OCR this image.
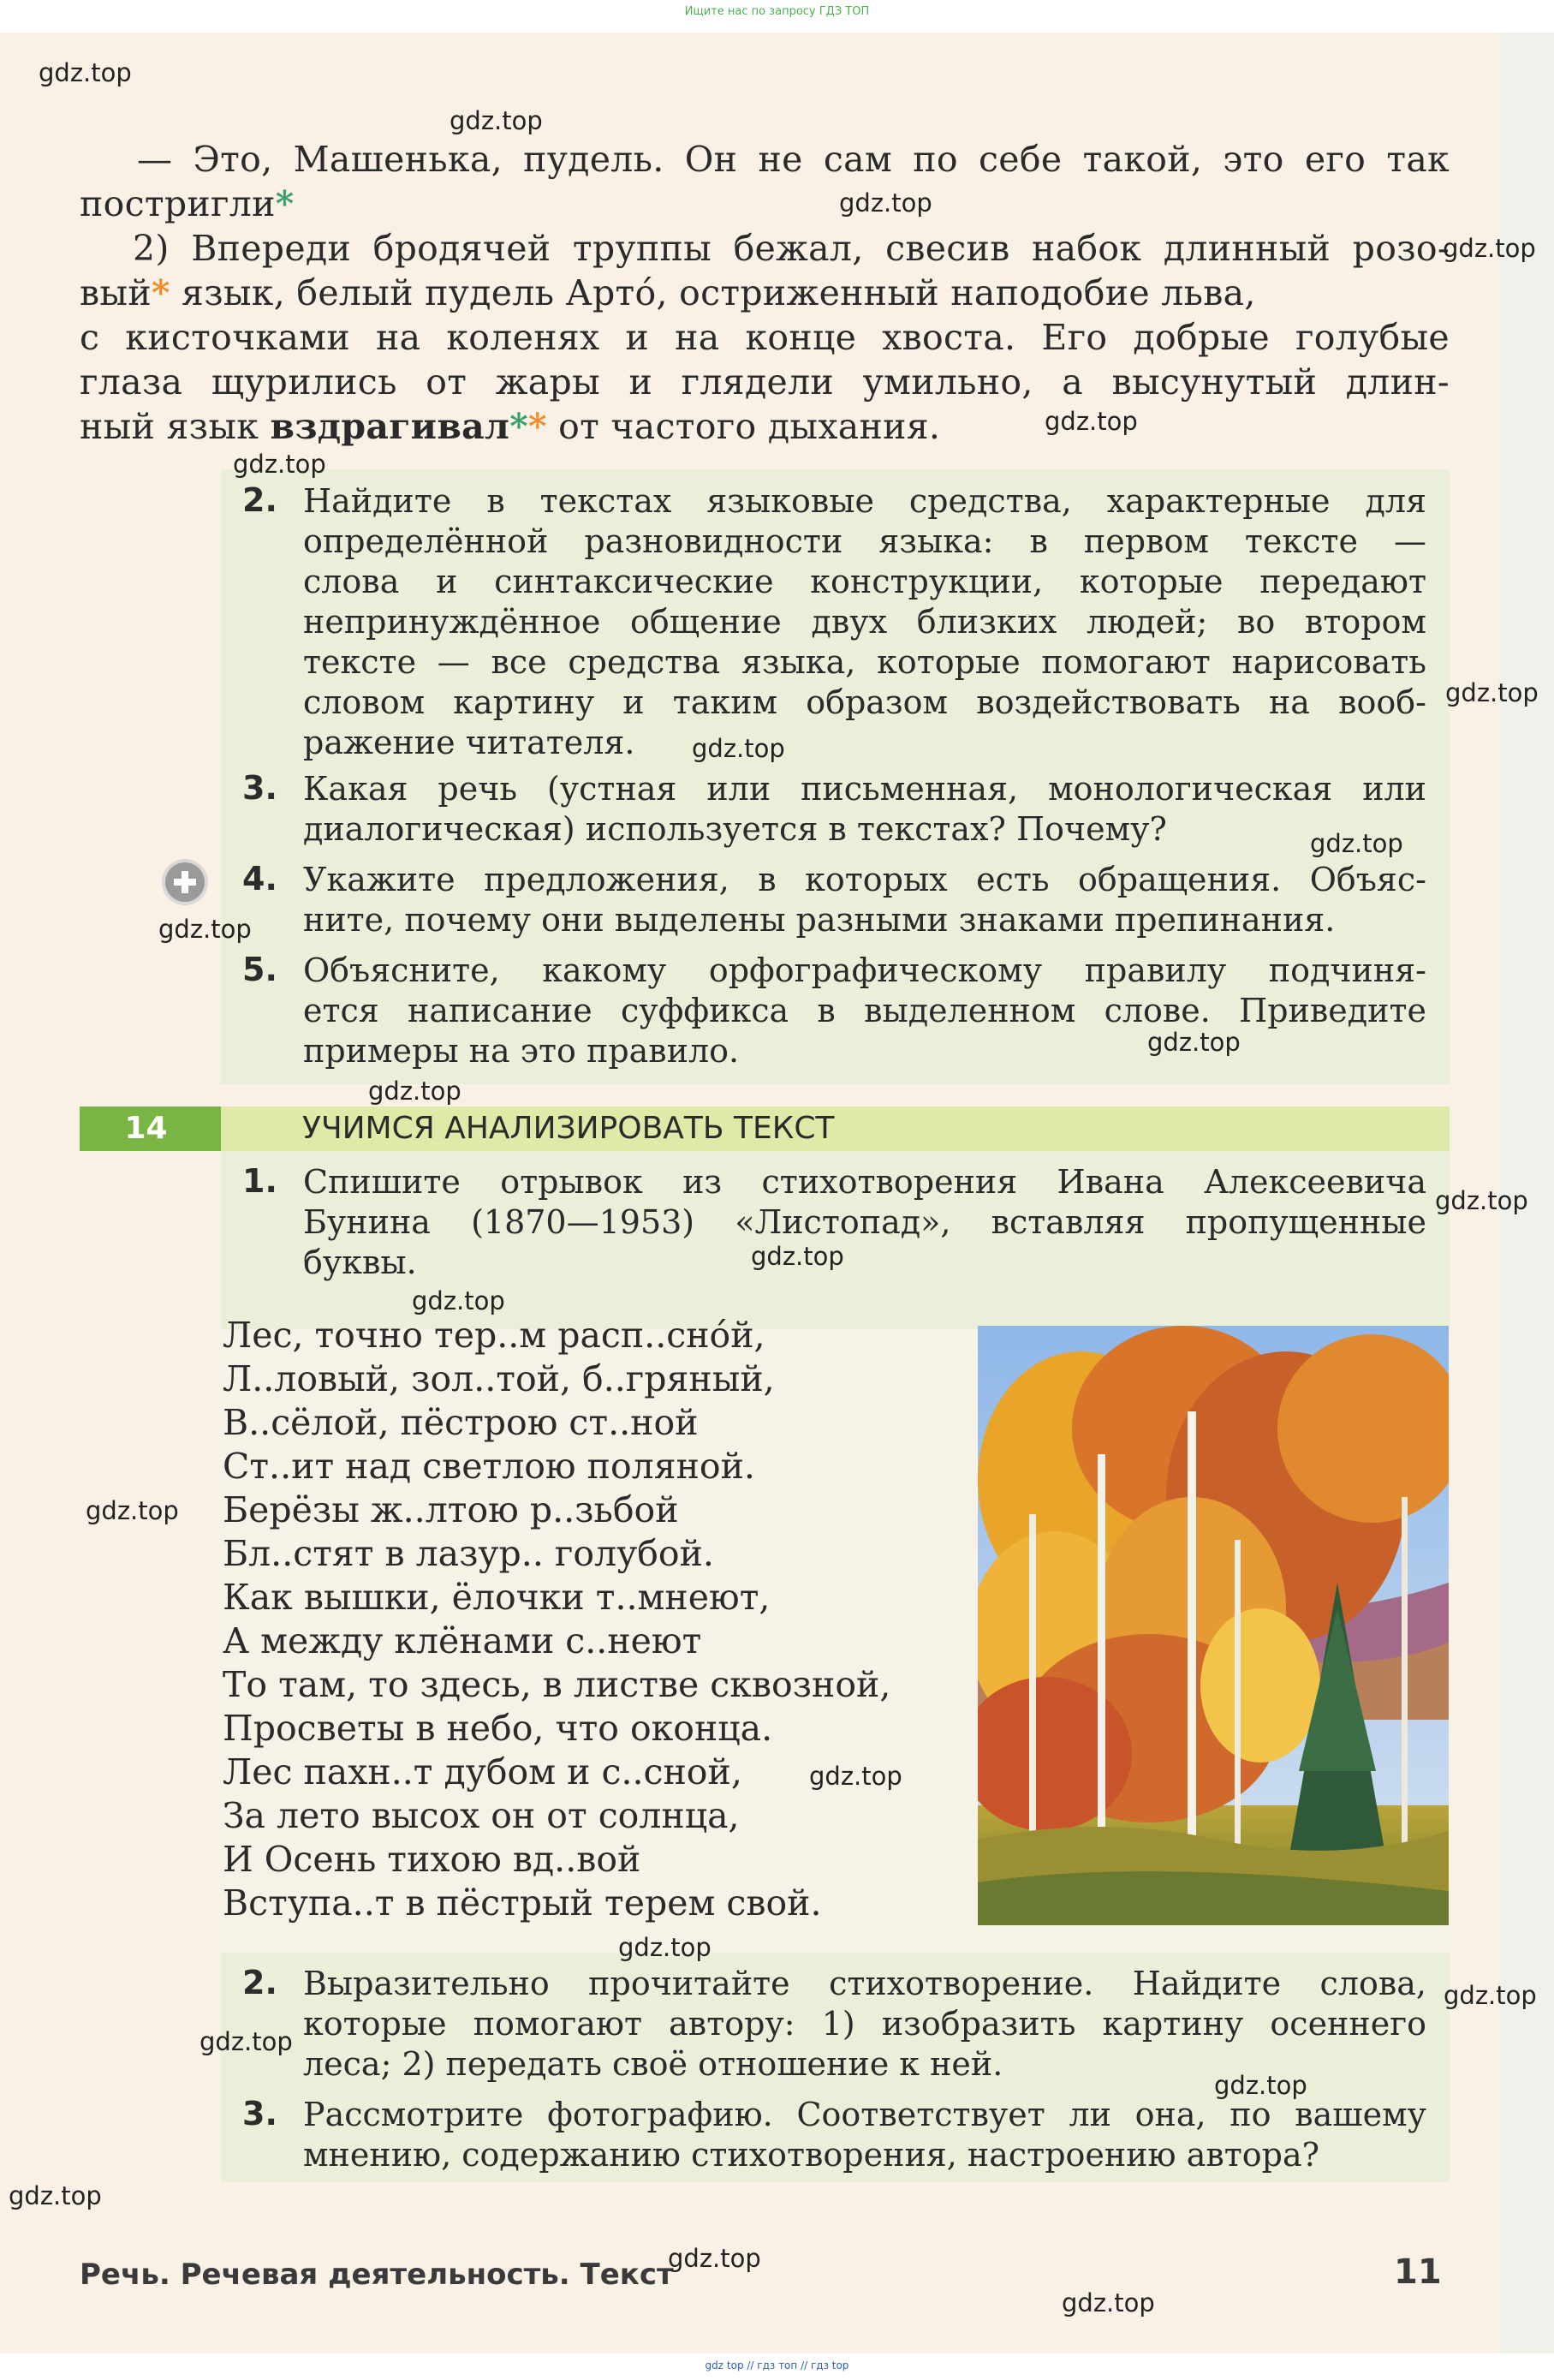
Ищите нас по запросу ГДЗ ТОП
— Это, Машенька, пудель. Он не сам по себе такой, это его так
постригли*
2) Впереди бродячей труппы бежал, свесив набок длинный розо-
вый* язык, белый пудель Арто́, остриженный наподобие льва,
с кисточками на коленях и на конце хвоста. Его добрые голубые
глаза щурились от жары и глядели умильно, а высунутый длин-
ный язык вздрагивал** от частого дыхания.
2. Найдите в текстах языковые средства, характерные для
определённой разновидности языка: в первом тексте —
слова и синтаксические конструкции, которые передают
непринуждённое общение двух близких людей; во втором
тексте — все средства языка, которые помогают нарисовать
словом картину и таким образом воздействовать на вооб-
ражение читателя.
3. Какая речь (устная или письменная, монологическая или
диалогическая) используется в текстах? Почему?
4. Укажите предложения, в которых есть обращения. Объяс-
ните, почему они выделены разными знаками препинания.
5. Объясните, какому орфографическому правилу подчиня-
ется написание суффикса в выделенном слове. Приведите
примеры на это правило.
14	УЧИМСЯ АНАЛИЗИРОВАТЬ ТЕКСТ
1. Спишите отрывок из стихотворения Ивана Алексеевича
Бунина (1870—1953) «Листопад», вставляя пропущенные
буквы.
Лес, точно тер..м расп..сно́й,
Л..ловый, зол..той, б..гряный,
В..сёлой, пёстрою ст..ной
Ст..ит над светлою поляной.
Берёзы ж..лтою р..зьбой
Бл..стят в лазур.. голубой.
Как вышки, ёлочки т..мнеют,
А между клёнами с..неют
То там, то здесь, в листве сквозной,
Просветы в небо, что оконца.
Лес пахн..т дубом и с..сной,
За лето высох он от солнца,
И Осень тихою вд..вой
Вступа..т в пёстрый терем свой.
2. Выразительно прочитайте стихотворение. Найдите слова,
которые помогают автору: 1) изобразить картину осеннего
леса; 2) передать своё отношение к ней.
3. Рассмотрите фотографию. Соответствует ли она, по вашему
мнению, содержанию стихотворения, настроению автора?
Речь. Речевая деятельность. Текст	11
gdz top // гдз топ // гдз top
gdz.top
gdz.top
gdz.top
gdz.top
gdz.top
gdz.top
gdz.top
gdz.top
gdz.top
gdz.top
gdz.top
gdz.top
gdz.top
gdz.top
gdz.top
gdz.top
gdz.top
gdz.top
gdz.top
gdz.top
gdz.top
gdz.top
gdz.top
gdz.top
